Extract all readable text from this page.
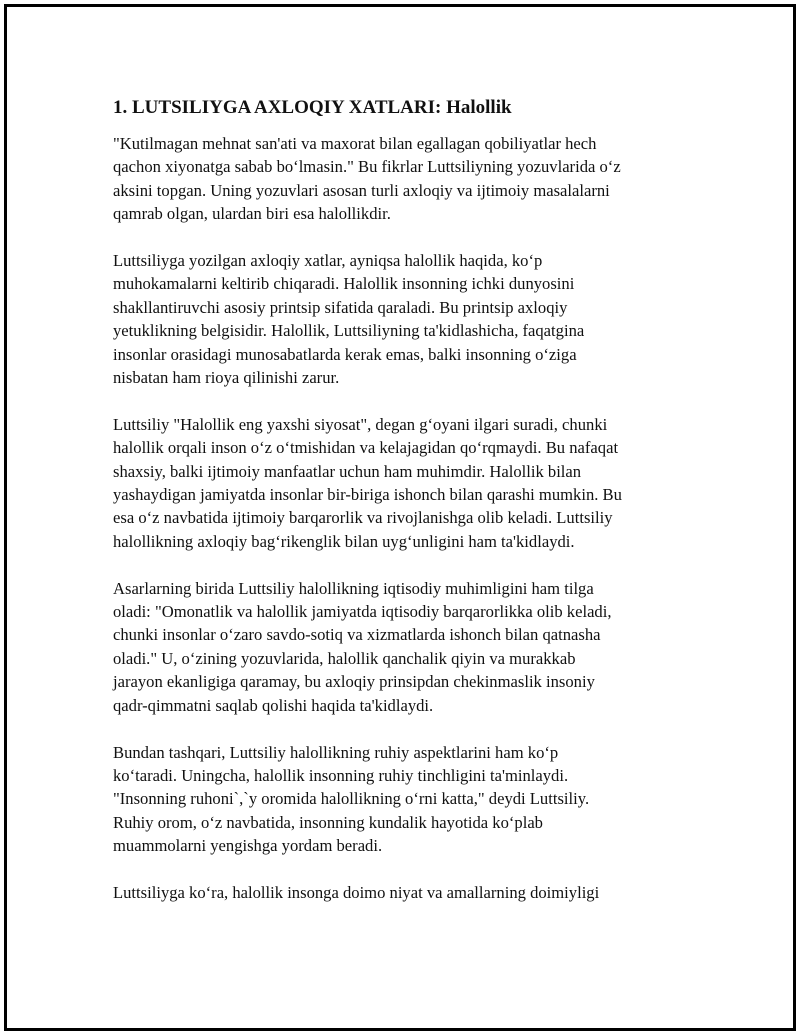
1. LUTSILIYGA AXLOQIY XATLARI: Halollik

"Kutilmagan mehnat san'ati va maxorat bilan egallagan qobiliyatlar hech
qachon xiyonatga sabab bo‘lmasin." Bu fikrlar Luttsiliyning yozuvlarida o‘z
aksini topgan. Uning yozuvlari asosan turli axloqiy va ijtimoiy masalalarni
qamrab olgan, ulardan biri esa halollikdir.

Luttsiliyga yozilgan axloqiy xatlar, ayniqsa halollik haqida, ko‘p
muhokamalarni keltirib chiqaradi. Halollik insonning ichki dunyosini
shakllantiruvchi asosiy printsip sifatida qaraladi. Bu printsip axloqiy
yetuklikning belgisidir. Halollik, Luttsiliyning ta'kidlashicha, faqatgina
insonlar orasidagi munosabatlarda kerak emas, balki insonning o‘ziga
nisbatan ham rioya qilinishi zarur.

Luttsiliy "Halollik eng yaxshi siyosat", degan g‘oyani ilgari suradi, chunki
halollik orqali inson o‘z o‘tmishidan va kelajagidan qo‘rqmaydi. Bu nafaqat
shaxsiy, balki ijtimoiy manfaatlar uchun ham muhimdir. Halollik bilan
yashaydigan jamiyatda insonlar bir-biriga ishonch bilan qarashi mumkin. Bu
esa o‘z navbatida ijtimoiy barqarorlik va rivojlanishga olib keladi. Luttsiliy
halollikning axloqiy bag‘rikenglik bilan uyg‘unligini ham ta'kidlaydi.

Asarlarning birida Luttsiliy halollikning iqtisodiy muhimligini ham tilga
oladi: "Omonatlik va halollik jamiyatda iqtisodiy barqarorlikka olib keladi,
chunki insonlar o‘zaro savdo-sotiq va xizmatlarda ishonch bilan qatnasha
oladi." U, o‘zining yozuvlarida, halollik qanchalik qiyin va murakkab
jarayon ekanligiga qaramay, bu axloqiy prinsipdan chekinmaslik insoniy
qadr-qimmatni saqlab qolishi haqida ta'kidlaydi.

Bundan tashqari, Luttsiliy halollikning ruhiy aspektlarini ham ko‘p
ko‘taradi. Uningcha, halollik insonning ruhiy tinchligini ta'minlaydi.
"Insonning ruhoni`,`y oromida halollikning o‘rni katta," deydi Luttsiliy.
Ruhiy orom, o‘z navbatida, insonning kundalik hayotida ko‘plab
muammolarni yengishga yordam beradi.

Luttsiliyga ko‘ra, halollik insonga doimo niyat va amallarning doimiyligi
